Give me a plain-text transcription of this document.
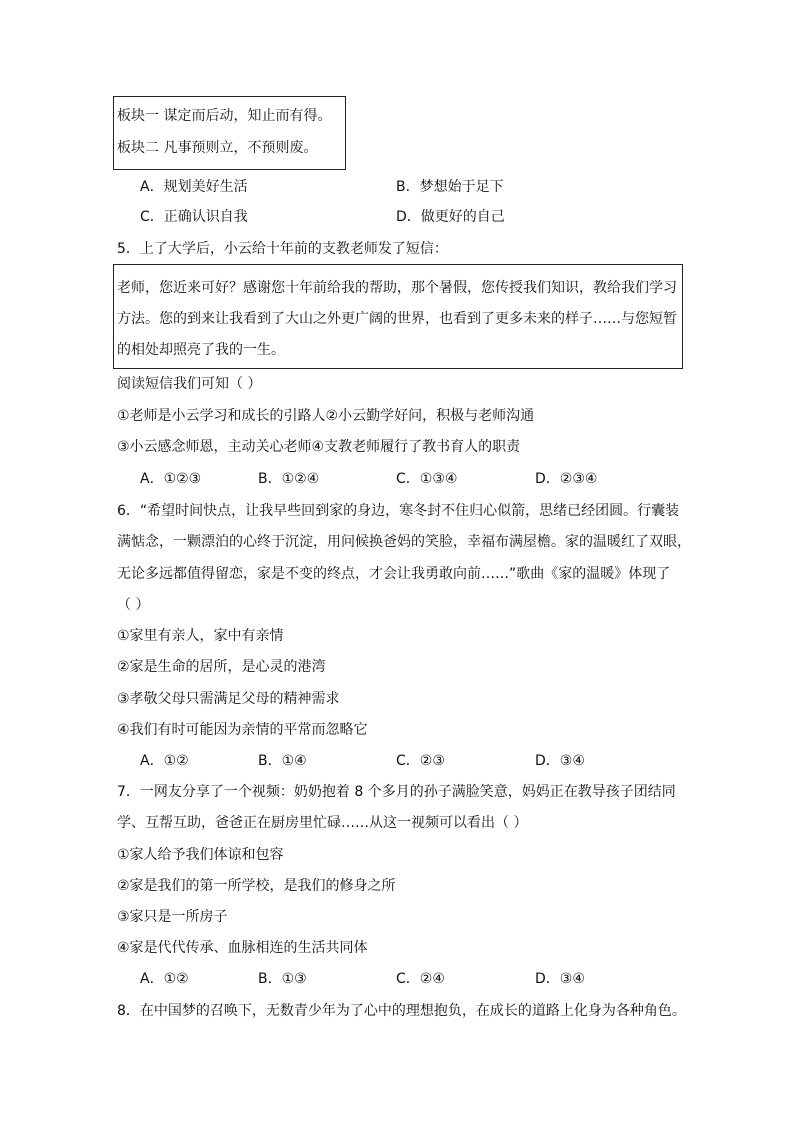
板块一 谋定而后动，知止而有得。
板块二 凡事预则立，不预则废。
A．规划美好生活	B．梦想始于足下
C．正确认识自我	D．做更好的自己
5．上了大学后，小云给十年前的支教老师发了短信：
老师，您近来可好？感谢您十年前给我的帮助，那个暑假，您传授我们知识，教给我们学习
方法。您的到来让我看到了大山之外更广阔的世界，也看到了更多未来的样子……与您短暂
的相处却照亮了我的一生。
阅读短信我们可知（ ）
①老师是小云学习和成长的引路人②小云勤学好问，积极与老师沟通
③小云感念师恩，主动关心老师④支教老师履行了教书育人的职责
A．①②③	B．①②④	C．①③④	D．②③④
6．“希望时间快点，让我早些回到家的身边，寒冬封不住归心似箭，思绪已经团圆。行囊装
满惦念，一颗漂泊的心终于沉淀，用问候换爸妈的笑脸，幸福布满屋檐。家的温暖红了双眼，
无论多远都值得留恋，家是不变的终点，才会让我勇敢向前……”歌曲《家的温暖》体现了
（ ）
①家里有亲人，家中有亲情
②家是生命的居所，是心灵的港湾
③孝敬父母只需满足父母的精神需求
④我们有时可能因为亲情的平常而忽略它
A．①②	B．①④	C．②③	D．③④
7．一网友分享了一个视频：奶奶抱着 8 个多月的孙子满脸笑意，妈妈正在教导孩子团结同
学、互帮互助，爸爸正在厨房里忙碌……从这一视频可以看出（ ）
①家人给予我们体谅和包容
②家是我们的第一所学校，是我们的修身之所
③家只是一所房子
④家是代代传承、血脉相连的生活共同体
A．①②	B．①③	C．②④	D．③④
8．在中国梦的召唤下，无数青少年为了心中的理想抱负，在成长的道路上化身为各种角色。
